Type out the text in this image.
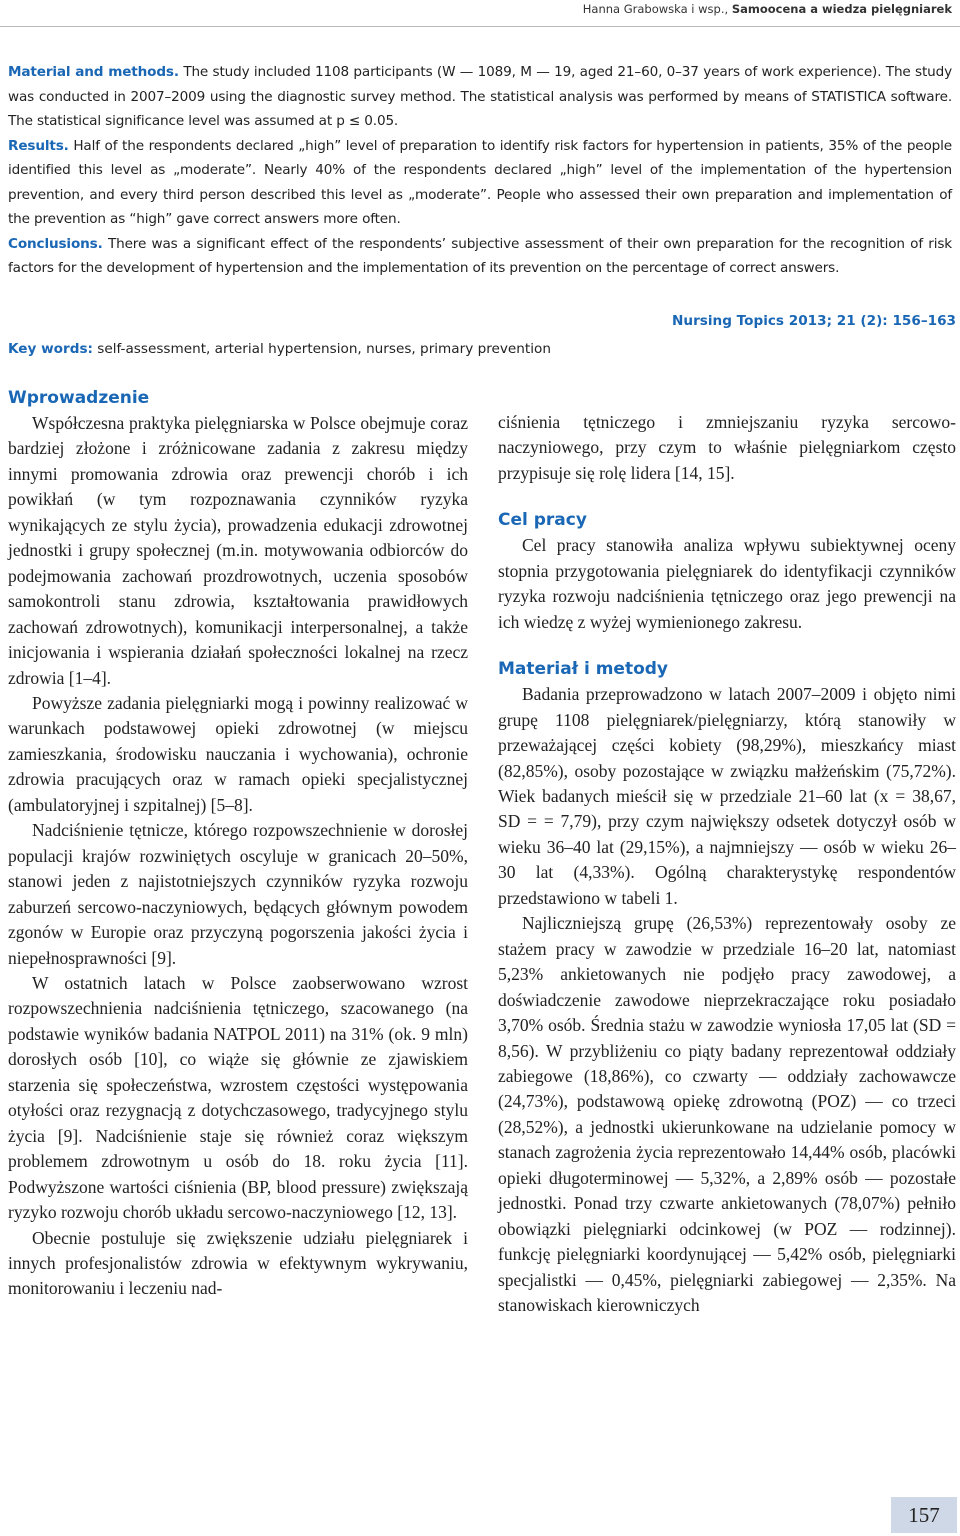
Hanna Grabowska i wsp., Samoocena a wiedza pielęgniarek

Material and methods. The study included 1108 participants (W — 1089, M — 19, aged 21–60, 0–37 years of work experience). The study was conducted in 2007–2009 using the diagnostic survey method. The statistical analysis was performed by means of STATISTICA software. The statistical significance level was assumed at p ≤ 0.05.

Results. Half of the respondents declared „high” level of preparation to identify risk factors for hypertension in patients, 35% of the people identified this level as „moderate”. Nearly 40% of the respondents declared „high” level of the implementation of the hypertension prevention, and every third person described this level as „moderate”. People who assessed their own preparation and implementation of the prevention as “high” gave correct answers more often.

Conclusions. There was a significant effect of the respondents’ subjective assessment of their own preparation for the recognition of risk factors for the development of hypertension and the implementation of its prevention on the percentage of correct answers.

Nursing Topics 2013; 21 (2): 156–163
Key words: self-assessment, arterial hypertension, nurses, primary prevention
Wprowadzenie

Współczesna praktyka pielęgniarska w Polsce obejmuje coraz bardziej złożone i zróżnicowane zadania z zakresu między innymi promowania zdrowia oraz prewencji chorób i ich powikłań (w tym rozpoznawania czynników ryzyka wynikających ze stylu życia), prowadzenia edukacji zdrowotnej jednostki i grupy społecznej (m.in. motywowania odbiorców do podejmowania zachowań prozdrowotnych, uczenia sposobów samokontroli stanu zdrowia, kształtowania prawidłowych zachowań zdrowotnych), komunikacji interpersonalnej, a także inicjowania i wspierania działań społeczności lokalnej na rzecz zdrowia [1–4].

Powyższe zadania pielęgniarki mogą i powinny realizować w warunkach podstawowej opieki zdrowotnej (w miejscu zamieszkania, środowisku nauczania i wychowania), ochronie zdrowia pracujących oraz w ramach opieki specjalistycznej (ambulatoryjnej i szpitalnej) [5–8].

Nadciśnienie tętnicze, którego rozpowszechnienie w dorosłej populacji krajów rozwiniętych oscyluje w granicach 20–50%, stanowi jeden z najistotniejszych czynników ryzyka rozwoju zaburzeń sercowo-naczyniowych, będących głównym powodem zgonów w Europie oraz przyczyną pogorszenia jakości życia i niepełnosprawności [9].

W ostatnich latach w Polsce zaobserwowano wzrost rozpowszechnienia nadciśnienia tętniczego, szacowanego (na podstawie wyników badania NATPOL 2011) na 31% (ok. 9 mln) dorosłych osób [10], co wiąże się głównie ze zjawiskiem starzenia się społeczeństwa, wzrostem częstości występowania otyłości oraz rezygnacją z dotychczasowego, tradycyjnego stylu życia [9]. Nadciśnienie staje się również coraz większym problemem zdrowotnym u osób do 18. roku życia [11]. Podwyższone wartości ciśnienia (BP, blood pressure) zwiększają ryzyko rozwoju chorób układu sercowo-naczyniowego [12, 13].

Obecnie postuluje się zwiększenie udziału pielęgniarek i innych profesjonalistów zdrowia w efektywnym wykrywaniu, monitorowaniu i leczeniu nad-

ciśnienia tętniczego i zmniejszaniu ryzyka sercowo-naczyniowego, przy czym to właśnie pielęgniarkom często przypisuje się rolę lidera [14, 15].

Cel pracy

Cel pracy stanowiła analiza wpływu subiektywnej oceny stopnia przygotowania pielęgniarek do identyfikacji czynników ryzyka rozwoju nadciśnienia tętniczego oraz jego prewencji na ich wiedzę z wyżej wymienionego zakresu.

Materiał i metody

Badania przeprowadzono w latach 2007–2009 i objęto nimi grupę 1108 pielęgniarek/pielęgniarzy, którą stanowiły w przeważającej części kobiety (98,29%), mieszkańcy miast (82,85%), osoby pozostające w związku małżeńskim (75,72%). Wiek badanych mieścił się w przedziale 21–60 lat (x = 38,67, SD = = 7,79), przy czym największy odsetek dotyczył osób w wieku 36–40 lat (29,15%), a najmniejszy — osób w wieku 26–30 lat (4,33%). Ogólną charakterystykę respondentów przedstawiono w tabeli 1.

Najliczniejszą grupę (26,53%) reprezentowały osoby ze stażem pracy w zawodzie w przedziale 16–20 lat, natomiast 5,23% ankietowanych nie podjęło pracy zawodowej, a doświadczenie zawodowe nieprzekraczające roku posiadało 3,70% osób. Średnia stażu w zawodzie wyniosła 17,05 lat (SD = 8,56). W przybliżeniu co piąty badany reprezentował oddziały zabiegowe (18,86%), co czwarty — oddziały zachowawcze (24,73%), podstawową opiekę zdrowotną (POZ) — co trzeci (28,52%), a jednostki ukierunkowane na udzielanie pomocy w stanach zagrożenia życia reprezentowało 14,44% osób, placówki opieki długoterminowej — 5,32%, a 2,89% osób — pozostałe jednostki. Ponad trzy czwarte ankietowanych (78,07%) pełniło obowiązki pielęgniarki odcinkowej (w POZ — rodzinnej). funkcję pielęgniarki koordynującej — 5,42% osób, pielęgniarki specjalistki — 0,45%, pielęgniarki zabiegowej — 2,35%. Na stanowiskach kierowniczych

157
